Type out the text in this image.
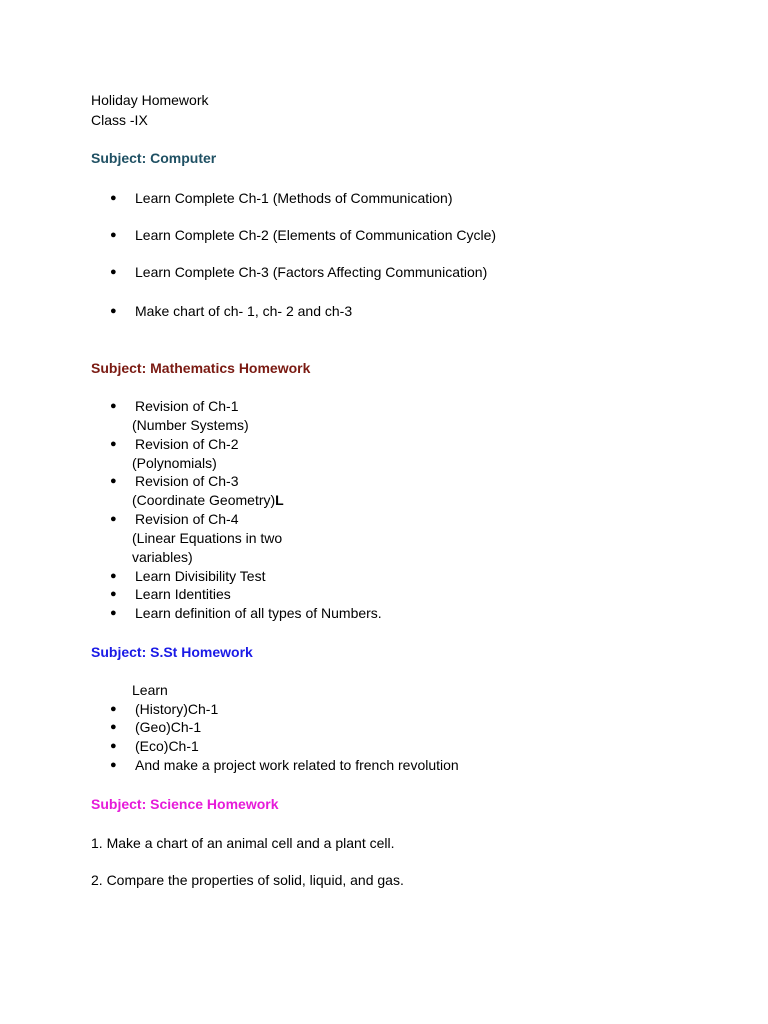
Holiday Homework
Class -IX
Subject: Computer
● Learn Complete Ch-1 (Methods of Communication)
● Learn Complete Ch-2 (Elements of Communication Cycle)
● Learn Complete Ch-3 (Factors Affecting Communication)
● Make chart of ch- 1, ch- 2 and ch-3
Subject: Mathematics Homework
● Revision of Ch-1
(Number Systems)
● Revision of Ch-2
(Polynomials)
● Revision of Ch-3
(Coordinate Geometry)L
● Revision of Ch-4
(Linear Equations in two
variables)
● Learn Divisibility Test
● Learn Identities
● Learn definition of all types of Numbers.
Subject: S.St Homework
Learn
● (History)Ch-1
● (Geo)Ch-1
● (Eco)Ch-1
● And make a project work related to french revolution
Subject: Science Homework
1. Make a chart of an animal cell and a plant cell.
2. Compare the properties of solid, liquid, and gas.
